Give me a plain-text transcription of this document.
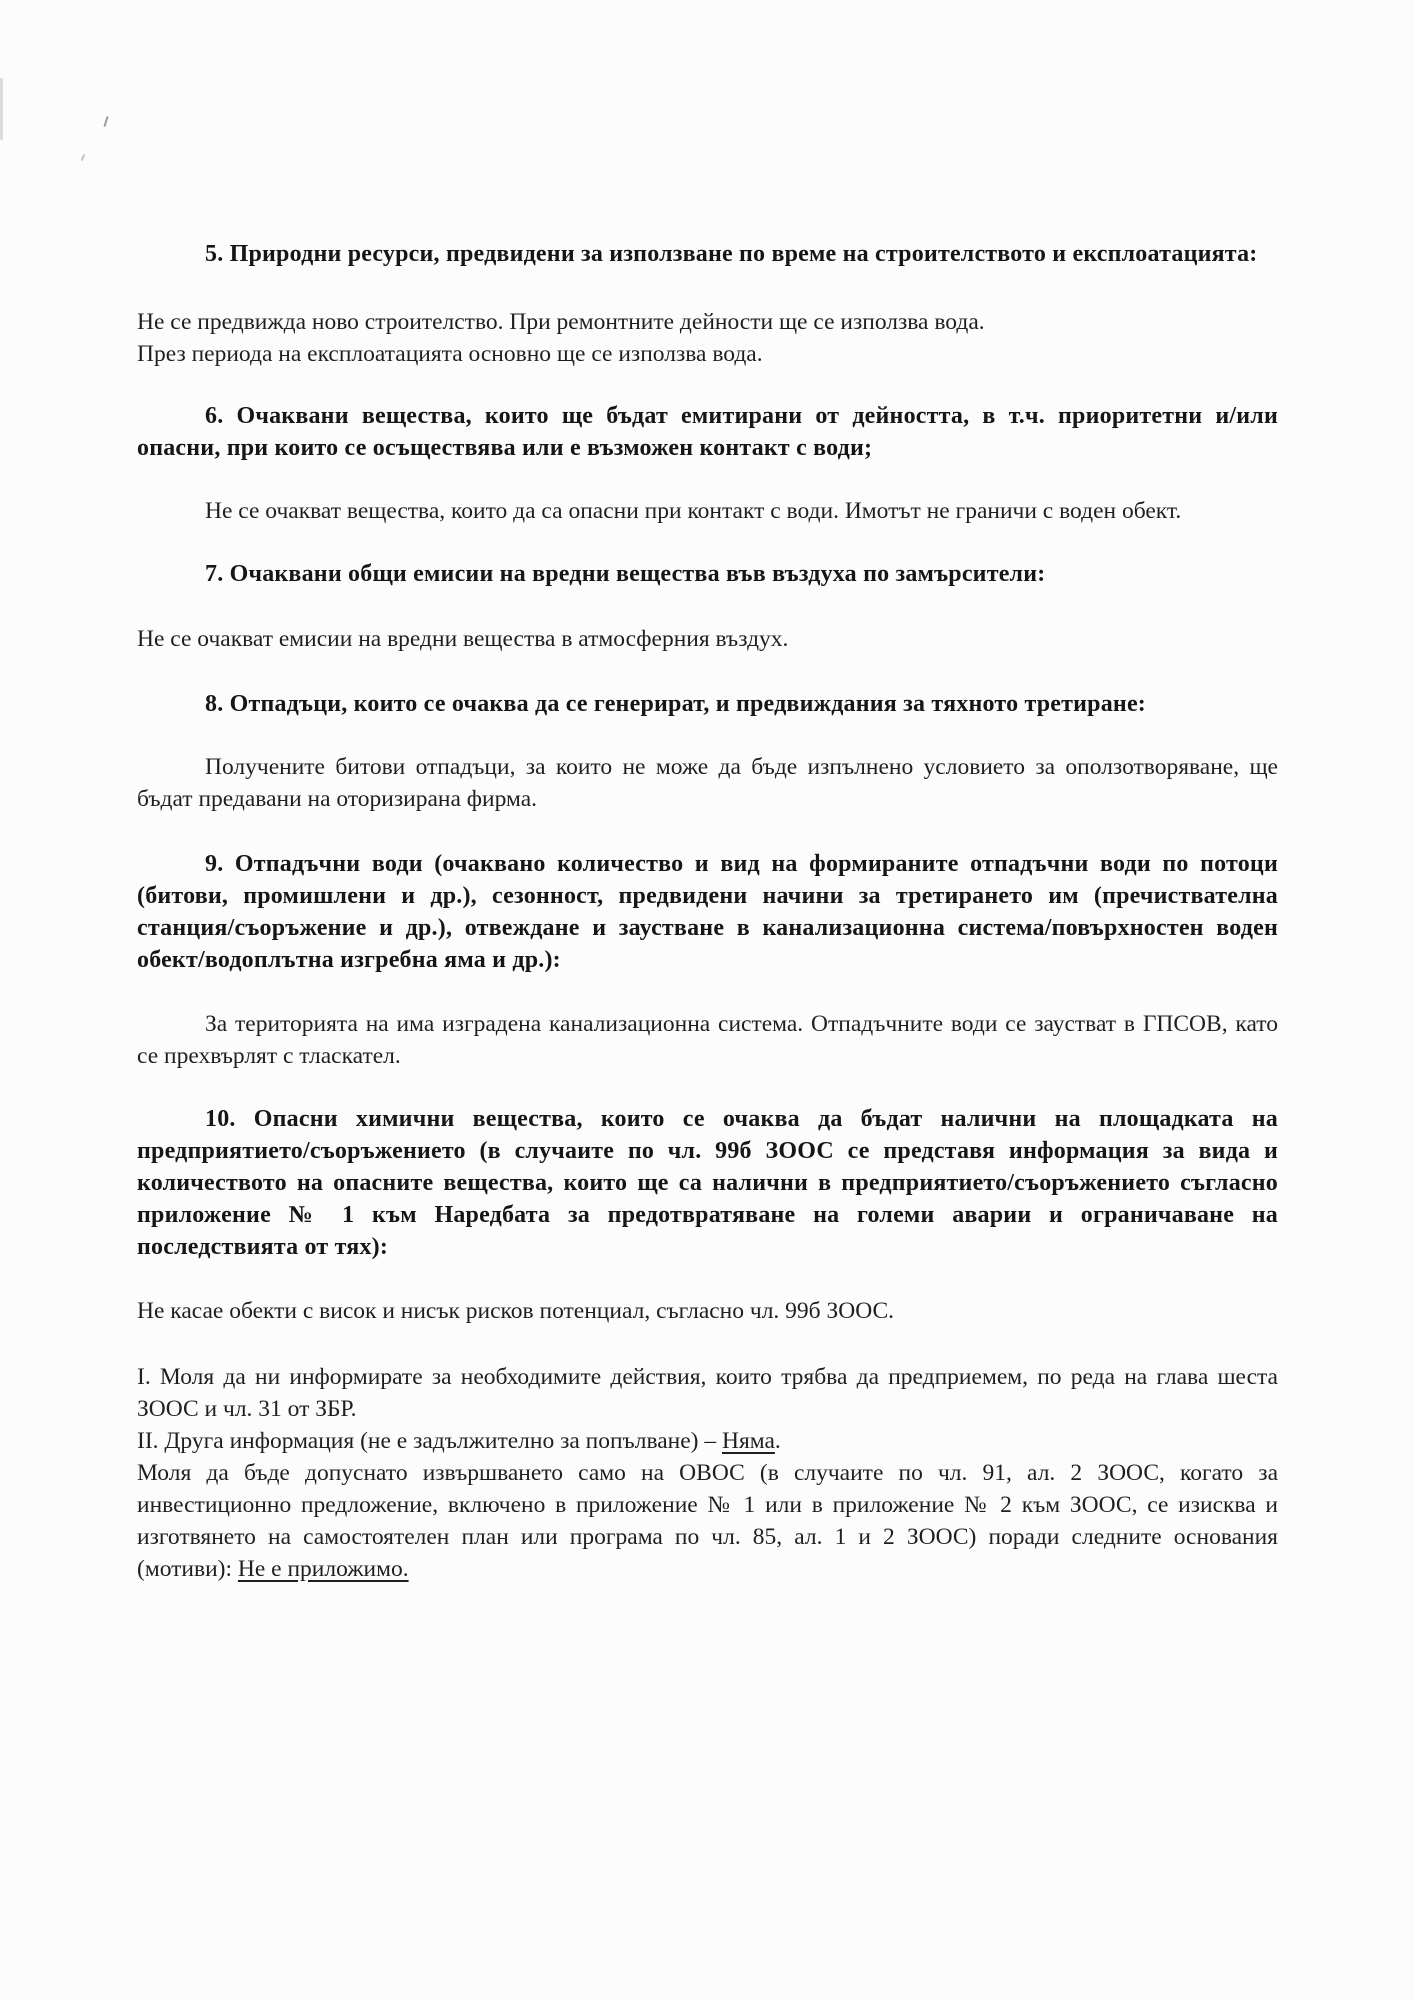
5. Природни ресурси, предвидени за използване по време на строителството и експлоатацията:

Не се предвижда ново строителство. При ремонтните дейности ще се използва вода.
През периода на експлоатацията основно ще се използва вода.

6. Очаквани вещества, които ще бъдат емитирани от дейността, в т.ч. приоритетни и/или опасни, при които се осъществява или е възможен контакт с води;

Не се очакват вещества, които да са опасни при контакт с води. Имотът не граничи с воден обект.

7. Очаквани общи емисии на вредни вещества във въздуха по замърсители:

Не се очакват емисии на вредни вещества в атмосферния въздух.

8. Отпадъци, които се очаква да се генерират, и предвиждания за тяхното третиране:

Получените битови отпадъци, за които не може да бъде изпълнено условието за оползотворяване, ще бъдат предавани на оторизирана фирма.

9. Отпадъчни води (очаквано количество и вид на формираните отпадъчни води по потоци (битови, промишлени и др.), сезонност, предвидени начини за третирането им (пречиствателна станция/съоръжение и др.), отвеждане и заустване в канализационна система/повърхностен воден обект/водоплътна изгребна яма и др.):

За територията на има изградена канализационна система. Отпадъчните води се заустват в ГПСОВ, като се прехвърлят с тласкател.

10. Опасни химични вещества, които се очаква да бъдат налични на площадката на предприятието/съоръжението (в случаите по чл. 99б ЗООС се представя информация за вида и количеството на опасните вещества, които ще са налични в предприятието/съоръжението съгласно приложение № 1 към Наредбата за предотвратяване на големи аварии и ограничаване на последствията от тях):

Не касае обекти с висок и нисък рисков потенциал, съгласно чл. 99б ЗООС.

I. Моля да ни информирате за необходимите действия, които трябва да предприемем, по реда на глава шеста ЗООС и чл. 31 от ЗБР.

II. Друга информация (не е задължително за попълване) – Няма.

Моля да бъде допуснато извършването само на ОВОС (в случаите по чл. 91, ал. 2 ЗООС, когато за инвестиционно предложение, включено в приложение № 1 или в приложение № 2 към ЗООС, се изисква и изготвянето на самостоятелен план или програма по чл. 85, ал. 1 и 2 ЗООС) поради следните основания (мотиви): Не е приложимо.
